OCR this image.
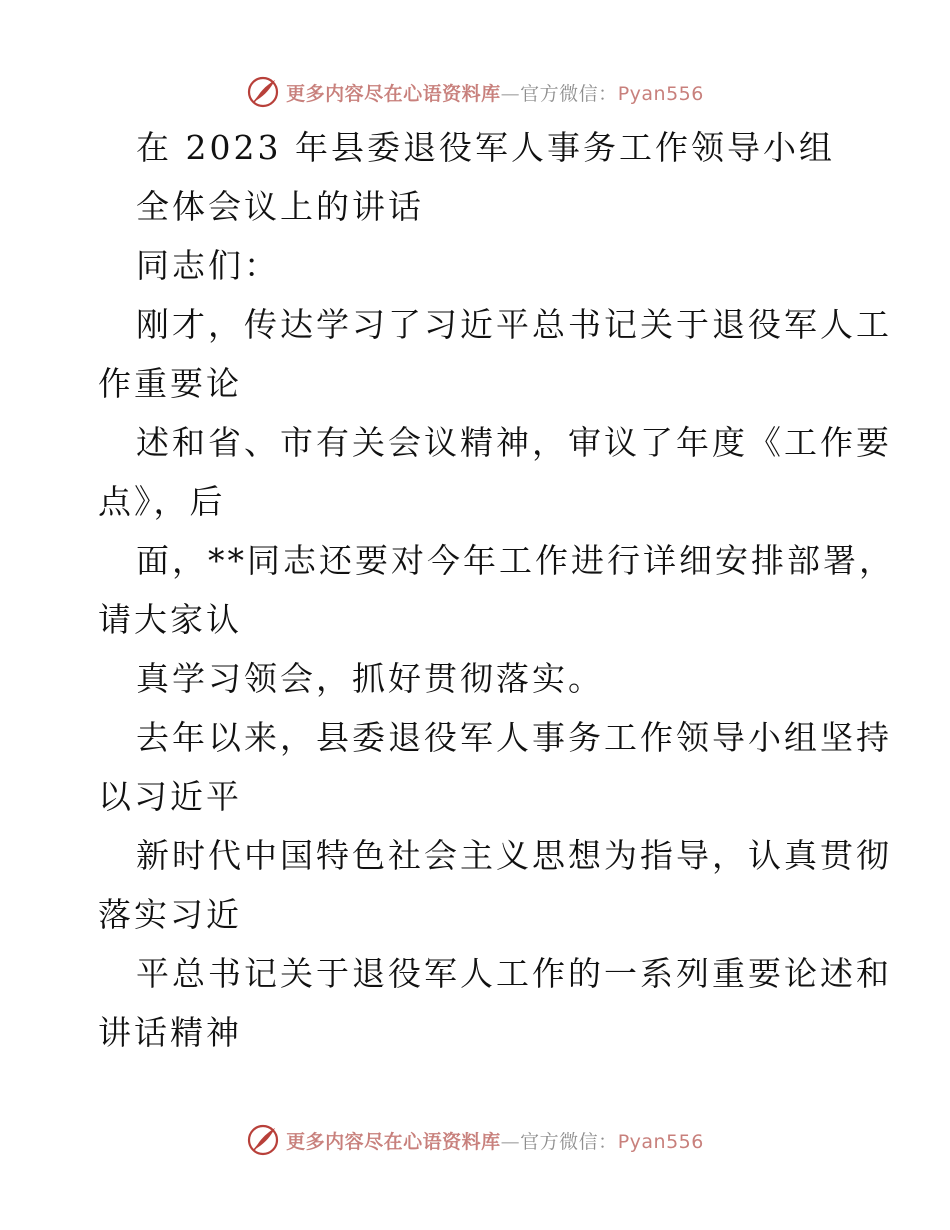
更多内容尽在心语资料库—官方微信：Pyan556
在 2023 年县委退役军人事务工作领导小组
全体会议上的讲话
同志们：
刚才，传达学习了习近平总书记关于退役军人工
作重要论
述和省、市有关会议精神，审议了年度《工作要
点》，后
面，**同志还要对今年工作进行详细安排部署，
请大家认
真学习领会，抓好贯彻落实。
去年以来，县委退役军人事务工作领导小组坚持
以习近平
新时代中国特色社会主义思想为指导，认真贯彻
落实习近
平总书记关于退役军人工作的一系列重要论述和
讲话精神
更多内容尽在心语资料库—官方微信：Pyan556
